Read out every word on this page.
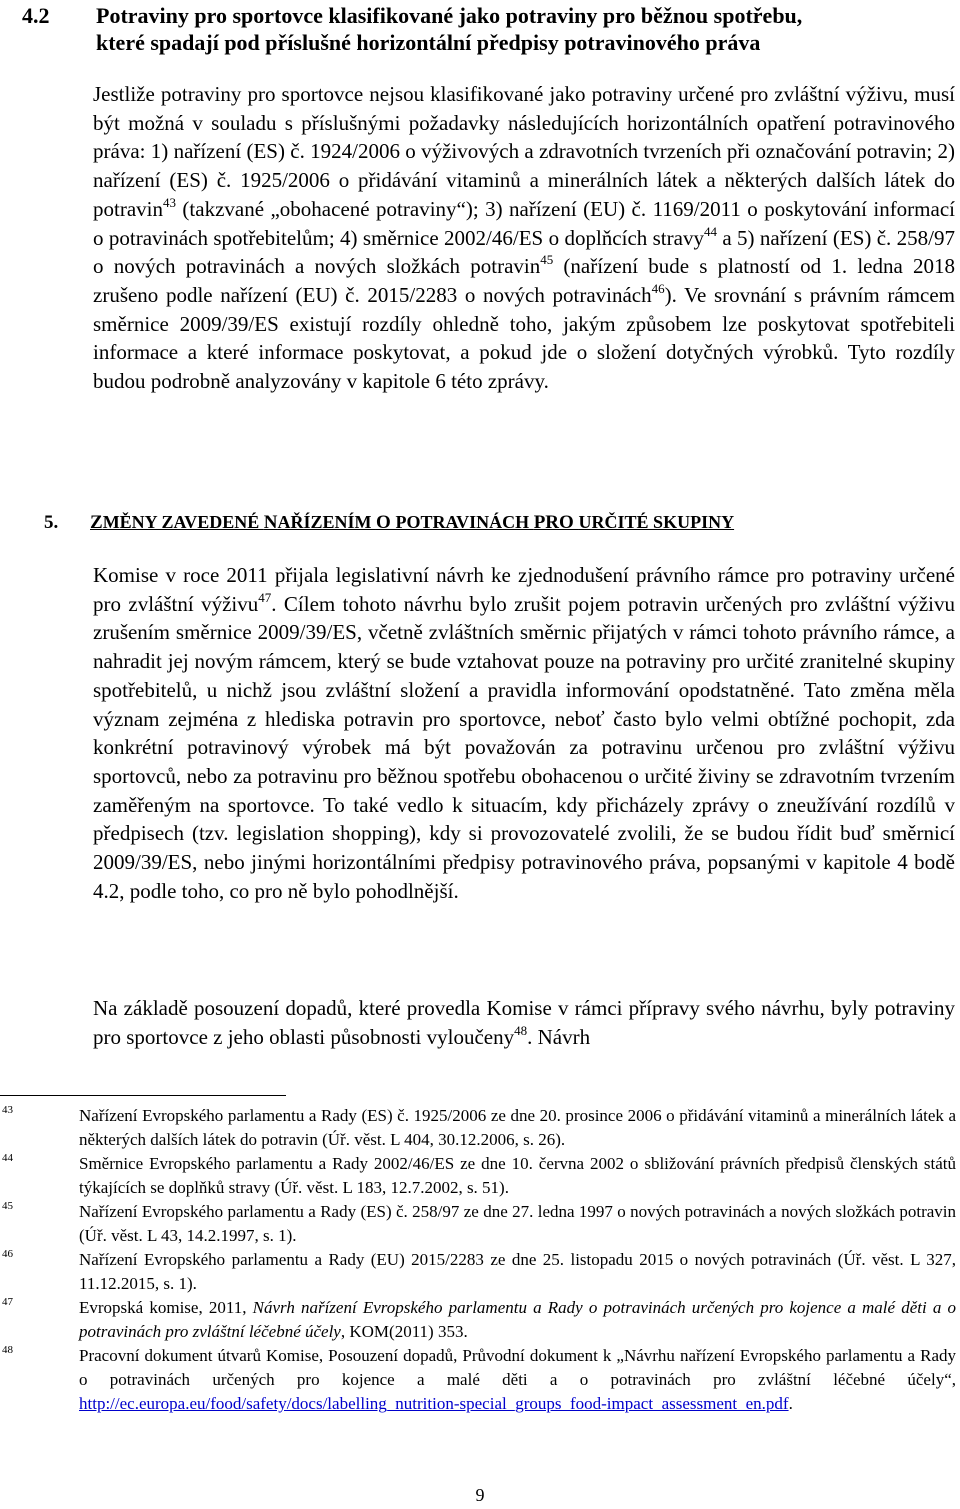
4.2 Potraviny pro sportovce klasifikované jako potraviny pro běžnou spotřebu,
které spadají pod příslušné horizontální předpisy potravinového práva
Jestliže potraviny pro sportovce nejsou klasifikované jako potraviny určené pro zvláštní výživu, musí být možná v souladu s příslušnými požadavky následujících horizontálních opatření potravinového práva: 1) nařízení (ES) č. 1924/2006 o výživových a zdravotních tvrzeních při označování potravin; 2) nařízení (ES) č. 1925/2006 o přidávání vitaminů a minerálních látek a některých dalších látek do potravin$^{43}$ (takzvané „obohacené potraviny“); 3) nařízení (EU) č. 1169/2011 o poskytování informací o potravinách spotřebitelům; 4) směrnice 2002/46/ES o doplňcích stravy$^{44}$ a 5) nařízení (ES) č. 258/97 o nových potravinách a nových složkách potravin$^{45}$ (nařízení bude s platností od 1. ledna 2018 zrušeno podle nařízení (EU) č. 2015/2283 o nových potravinách$^{46}$). Ve srovnání s právním rámcem směrnice 2009/39/ES existují rozdíly ohledně toho, jakým způsobem lze poskytovat spotřebiteli informace a které informace poskytovat, a pokud jde o složení dotyčných výrobků. Tyto rozdíly budou podrobně analyzovány v kapitole 6 této zprávy.
5. ZMĚNY ZAVEDENÉ NAŘÍZENÍM O POTRAVINÁCH PRO URČITÉ SKUPINY
Komise v roce 2011 přijala legislativní návrh ke zjednodušení právního rámce pro potraviny určené pro zvláštní výživu$^{47}$. Cílem tohoto návrhu bylo zrušit pojem potravin určených pro zvláštní výživu zrušením směrnice 2009/39/ES, včetně zvláštních směrnic přijatých v rámci tohoto právního rámce, a nahradit jej novým rámcem, který se bude vztahovat pouze na potraviny pro určité zranitelné skupiny spotřebitelů, u nichž jsou zvláštní složení a pravidla informování opodstatněné. Tato změna měla význam zejména z hlediska potravin pro sportovce, neboť často bylo velmi obtížné pochopit, zda konkrétní potravinový výrobek má být považován za potravinu určenou pro zvláštní výživu sportovců, nebo za potravinu pro běžnou spotřebu obohacenou o určité živiny se zdravotním tvrzením zaměřeným na sportovce. To také vedlo k situacím, kdy přicházely zprávy o zneužívání rozdílů v předpisech (tzv. legislation shopping), kdy si provozovatelé zvolili, že se budou řídit buď směrnicí 2009/39/ES, nebo jinými horizontálními předpisy potravinového práva, popsanými v kapitole 4 bodě 4.2, podle toho, co pro ně bylo pohodlnější.
Na základě posouzení dopadů, které provedla Komise v rámci přípravy svého návrhu, byly potraviny pro sportovce z jeho oblasti působnosti vyloučeny$^{48}$. Návrh
43	Nařízení Evropského parlamentu a Rady (ES) č. 1925/2006 ze dne 20. prosince 2006 o přidávání vitaminů a minerálních látek a některých dalších látek do potravin (Úř. věst. L 404, 30.12.2006, s. 26).
44	Směrnice Evropského parlamentu a Rady 2002/46/ES ze dne 10. června 2002 o sbližování právních předpisů členských států týkajících se doplňků stravy (Úř. věst. L 183, 12.7.2002, s. 51).
45	Nařízení Evropského parlamentu a Rady (ES) č. 258/97 ze dne 27. ledna 1997 o nových potravinách a nových složkách potravin (Úř. věst. L 43, 14.2.1997, s. 1).
46	Nařízení Evropského parlamentu a Rady (EU) 2015/2283 ze dne 25. listopadu 2015 o nových potravinách (Úř. věst. L 327, 11.12.2015, s. 1).
47	Evropská komise, 2011, Návrh nařízení Evropského parlamentu a Rady o potravinách určených pro kojence a malé děti a o potravinách pro zvláštní léčebné účely, KOM(2011) 353.
48	Pracovní dokument útvarů Komise, Posouzení dopadů, Průvodní dokument k „Návrhu nařízení Evropského parlamentu a Rady o potravinách určených pro kojence a malé děti a o potravinách pro zvláštní léčebné účely“, http://ec.europa.eu/food/safety/docs/labelling_nutrition-special_groups_food-impact_assessment_en.pdf.
9
